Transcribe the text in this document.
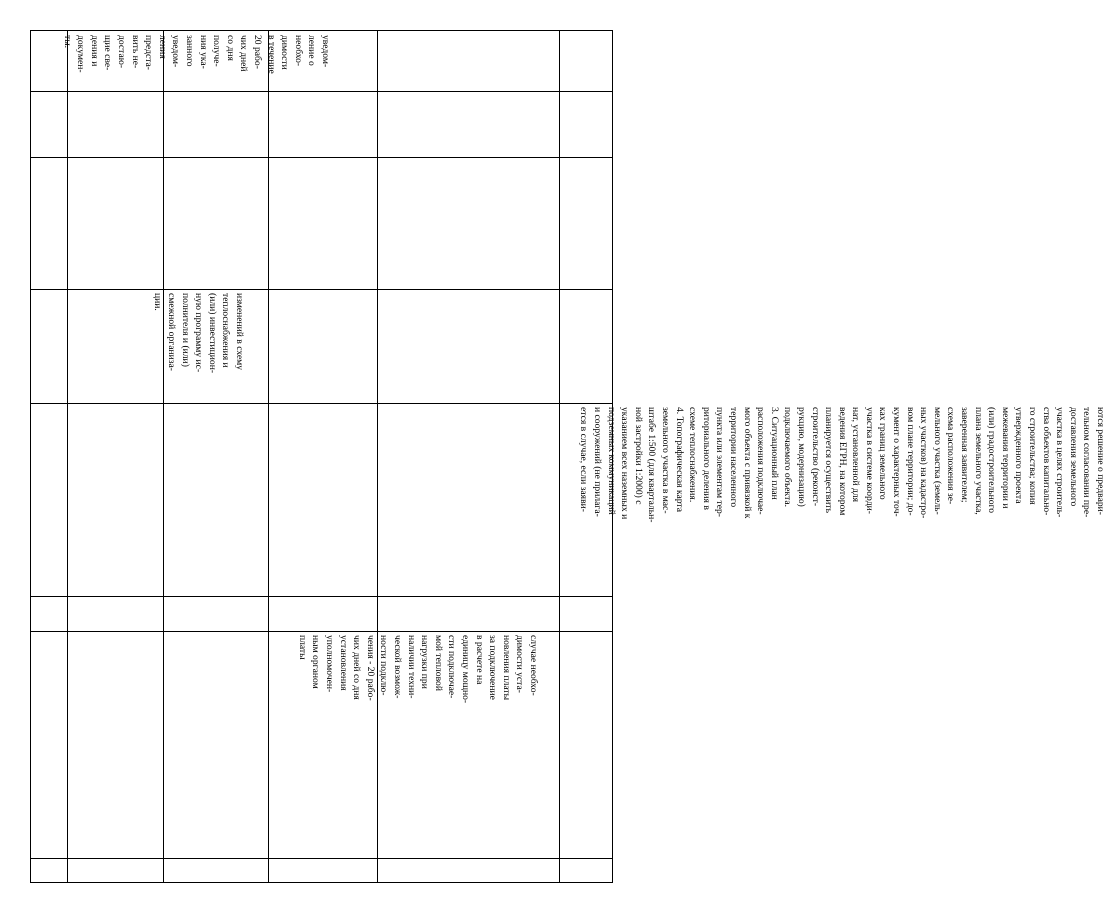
уведом-
ление о
необхо-
димости
в течение
20 рабо-
чих дней
со дня
получе-
ния ука-
занного
уведом-
ления
предста-
вить не-
достаю-
щие све-
дения и
докумен-
ты.
изменений в схему
теплоснабжения и
(или) инвестицион-
ную программу ис-
полнителя и (или)
смежной организа-
ции.
ются решение о предвари-
тельном согласовании пре-
доставления земельного
участка в целях строитель-
ства объектов капитально-
го строительства; копия
утвержденного проекта
межевания территории и
(или) градостроительного
плана земельного участка,
заверенная заявителем;
схема расположения зе-
мельного участка (земель-
ных участков) на кадастро-
вом плане территории; до-
кумент о характерных точ-
ках границ земельного
участка в системе коорди-
нат, установленной для
ведения ЕГРН, на котором
планируется осуществить
строительство (реконст-
рукцию, модернизацию)
подключаемого объекта.
3. Ситуационный план
расположения подключае-
мого объекта с привязкой к
территории населенного
пункта или элементам тер-
риториального деления в
схеме теплоснабжения.
4. Топографическая карта
земельного участка в мас-
штабе 1:500 (для квартальн-
ной застройки 1:2000) с
указанием всех наземных и
подземных коммуникаций
и сооружений (не прилага-
ется в случае, если заяви-
случае необхо-
димости уста-
новления платы
за подключение
в расчете на
единицу мощно-
сти подключае-
мой тепловой
нагрузки при
наличии техни-
ческой возмож-
ности подклю-
чения - 20 рабо-
чих дней со дня
установления
уполномочен-
ным органом
платы
